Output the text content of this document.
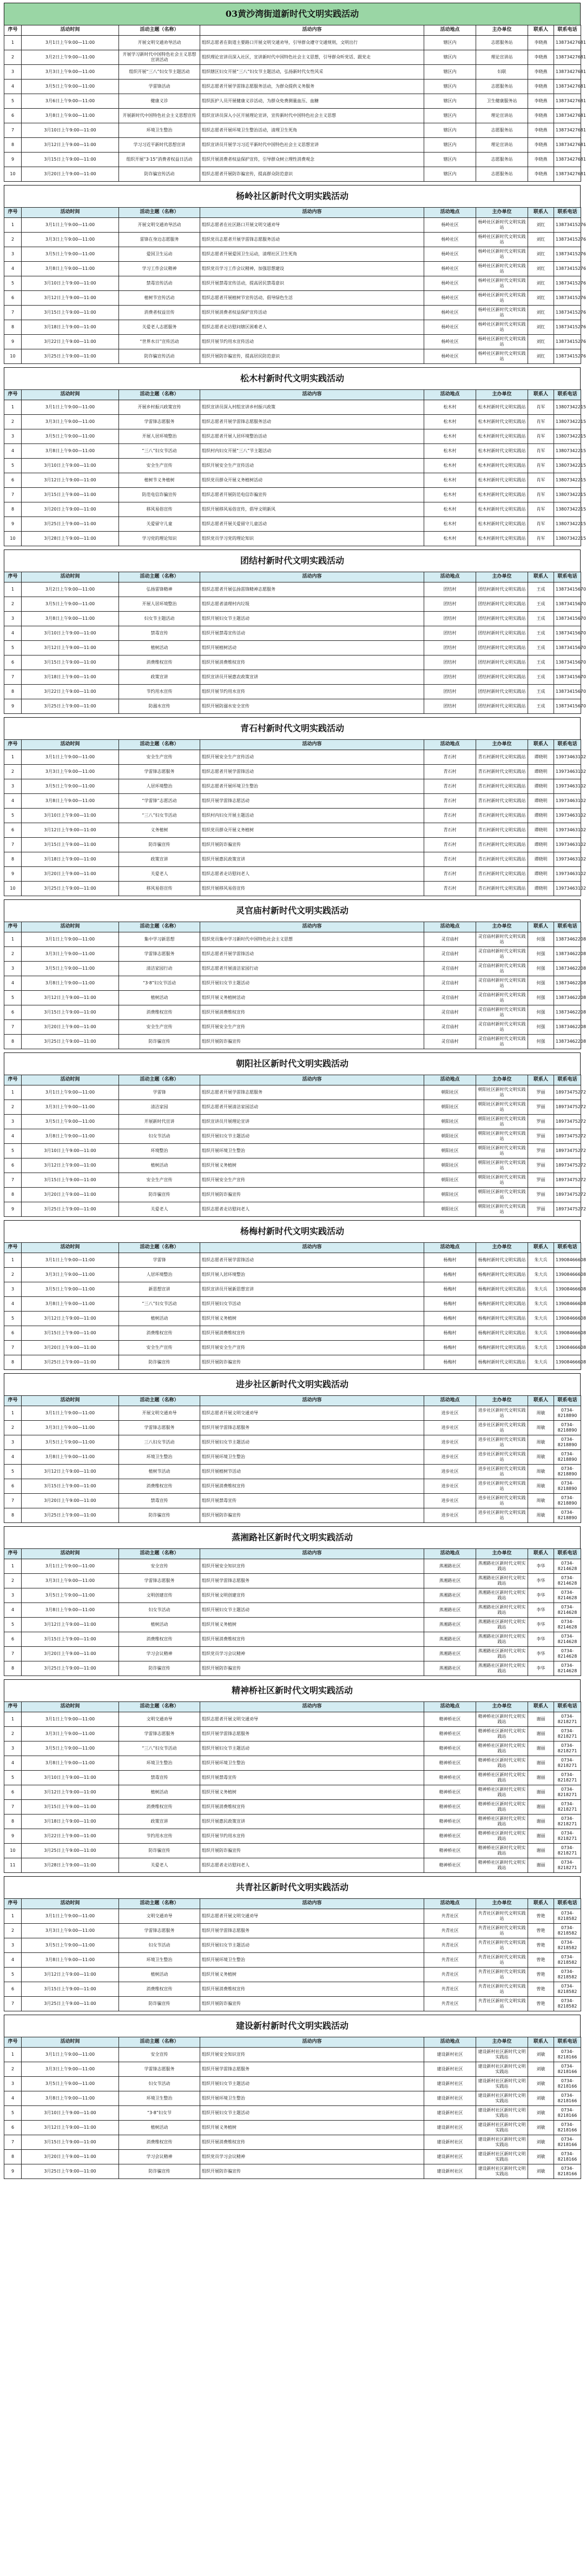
03黄沙湾街道新时代文明实践活动
序号	活动时间	活动主题（名称）	活动内容	活动地点	主办单位	联系人	联系电话
1	3月1日上午9:00—11:00	开展文明交通劝导活动	组织志愿者在街道主要路口开展文明交通劝导，引导群众遵守交通规则，文明出行	辖区内	志愿服务站	李晓燕	13873427681
2	3月2日上午9:00—11:00	开展学习新时代中国特色社会主义思想宣讲活动	组织理论宣讲员深入社区，宣讲新时代中国特色社会主义思想，引导群众听党话、跟党走	辖区内	理论宣讲站	李晓燕	13873427681
3	3月3日上午9:00—11:00	组织开展“三八”妇女节主题活动	组织辖区妇女开展“三八”妇女节主题活动，弘扬新时代女性风采	辖区内	妇联	李晓燕	13873427681
4	3月5日上午9:00—11:00	学雷锋活动	组织志愿者开展学雷锋志愿服务活动，为群众提供义务服务	辖区内	志愿服务站	李晓燕	13873427681
5	3月6日上午9:00—11:00	健康义诊	组织医护人员开展健康义诊活动，为群众免费测量血压、血糖	辖区内	卫生健康服务站	李晓燕	13873427681
6	3月8日上午9:00—11:00	开展新时代中国特色社会主义思想宣传	组织宣讲员深入小区开展理论宣讲，宣传新时代中国特色社会主义思想	辖区内	理论宣讲站	李晓燕	13873427681
7	3月10日上午9:00—11:00	环境卫生整治	组织志愿者开展环境卫生整治活动，清理卫生死角	辖区内	志愿服务站	李晓燕	13873427681
8	3月12日上午9:00—11:00	学习习近平新时代思想宣讲	组织宣讲员开展学习习近平新时代中国特色社会主义思想宣讲	辖区内	理论宣讲站	李晓燕	13873427681
9	3月15日上午9:00—11:00	组织开展“3·15”消费者权益日活动	组织开展消费者权益保护宣传，引导群众树立理性消费观念	辖区内	志愿服务站	李晓燕	13873427681
10	3月20日上午9:00—11:00	防诈骗宣传活动	组织志愿者开展防诈骗宣传，提高群众防范意识	辖区内	志愿服务站	李晓燕	13873427681
杨岭社区新时代文明实践活动
序号	活动时间	活动主题（名称）	活动内容	活动地点	主办单位	联系人	联系电话
1	3月1日上午9:00—11:00	开展文明交通劝导活动	组织志愿者在社区路口开展文明交通劝导	杨岭社区	杨岭社区新时代文明实践站	刘红	13873415276
2	3月3日上午9:00—11:00	雷锋在身边志愿服务	组织党员志愿者开展学雷锋志愿服务活动	杨岭社区	杨岭社区新时代文明实践站	刘红	13873415276
3	3月5日上午9:00—11:00	爱国卫生运动	组织志愿者开展爱国卫生运动，清理社区卫生死角	杨岭社区	杨岭社区新时代文明实践站	刘红	13873415276
4	3月8日上午9:00—11:00	学习工作会议精神	组织党员学习工作会议精神，加强思想建设	杨岭社区	杨岭社区新时代文明实践站	刘红	13873415276
5	3月10日上午9:00—11:00	禁毒宣传活动	组织开展禁毒宣传活动，提高居民禁毒意识	杨岭社区	杨岭社区新时代文明实践站	刘红	13873415276
6	3月12日上午9:00—11:00	植树节宣传活动	组织志愿者开展植树节宣传活动，倡导绿色生活	杨岭社区	杨岭社区新时代文明实践站	刘红	13873415276
7	3月15日上午9:00—11:00	消费者权益宣传	组织开展消费者权益保护宣传活动	杨岭社区	杨岭社区新时代文明实践站	刘红	13873415276
8	3月18日上午9:00—11:00	关爱老人志愿服务	组织志愿者走访慰问辖区困难老人	杨岭社区	杨岭社区新时代文明实践站	刘红	13873415276
9	3月22日上午9:00—11:00	“世界水日”宣传活动	组织开展节约用水宣传活动	杨岭社区	杨岭社区新时代文明实践站	刘红	13873415276
10	3月25日上午9:00—11:00	防诈骗宣传活动	组织开展防诈骗宣传，提高居民防范意识	杨岭社区	杨岭社区新时代文明实践站	刘红	13873415276
松木村新时代文明实践活动
序号	活动时间	活动主题（名称）	活动内容	活动地点	主办单位	联系人	联系电话
1	3月1日上午9:00—11:00	开展乡村振兴政策宣传	组织宣讲员深入村组宣讲乡村振兴政策	松木村	松木村新时代文明实践站	肖军	13807342215
2	3月3日上午9:00—11:00	学雷锋志愿服务	组织志愿者开展学雷锋志愿服务活动	松木村	松木村新时代文明实践站	肖军	13807342215
3	3月5日上午9:00—11:00	开展人居环境整治	组织志愿者开展人居环境整治活动	松木村	松木村新时代文明实践站	肖军	13807342215
4	3月8日上午9:00—11:00	“三八”妇女节活动	组织村内妇女开展“三八”节主题活动	松木村	松木村新时代文明实践站	肖军	13807342215
5	3月10日上午9:00—11:00	安全生产宣传	组织开展安全生产宣传活动	松木村	松木村新时代文明实践站	肖军	13807342215
6	3月12日上午9:00—11:00	植树节义务植树	组织党员群众开展义务植树活动	松木村	松木村新时代文明实践站	肖军	13807342215
7	3月15日上午9:00—11:00	防范电信诈骗宣传	组织志愿者开展防范电信诈骗宣传	松木村	松木村新时代文明实践站	肖军	13807342215
8	3月20日上午9:00—11:00	移风易俗宣传	组织开展移风易俗宣传，倡导文明新风	松木村	松木村新时代文明实践站	肖军	13807342215
9	3月25日上午9:00—11:00	关爱留守儿童	组织志愿者开展关爱留守儿童活动	松木村	松木村新时代文明实践站	肖军	13807342215
10	3月28日上午9:00—11:00	学习党的理论知识	组织党员学习党的理论知识	松木村	松木村新时代文明实践站	肖军	13807342215
团结村新时代文明实践活动
序号	活动时间	活动主题（名称）	活动内容	活动地点	主办单位	联系人	联系电话
1	3月2日上午9:00—11:00	弘扬雷锋精神	组织志愿者开展弘扬雷锋精神志愿服务	团结村	团结村新时代文明实践站	王成	13873415670
2	3月5日上午9:00—11:00	开展人居环境整治	组织志愿者清理村内垃圾	团结村	团结村新时代文明实践站	王成	13873415670
3	3月8日上午9:00—11:00	妇女节主题活动	组织开展妇女节主题活动	团结村	团结村新时代文明实践站	王成	13873415670
4	3月10日上午9:00—11:00	禁毒宣传	组织开展禁毒宣传活动	团结村	团结村新时代文明实践站	王成	13873415670
5	3月12日上午9:00—11:00	植树活动	组织开展植树活动	团结村	团结村新时代文明实践站	王成	13873415670
6	3月15日上午9:00—11:00	消费维权宣传	组织开展消费维权宣传	团结村	团结村新时代文明实践站	王成	13873415670
7	3月18日上午9:00—11:00	政策宣讲	组织宣讲员开展惠农政策宣讲	团结村	团结村新时代文明实践站	王成	13873415670
8	3月22日上午9:00—11:00	节约用水宣传	组织开展节约用水宣传	团结村	团结村新时代文明实践站	王成	13873415670
9	3月25日上午9:00—11:00	防溺水宣传	组织开展防溺水安全宣传	团结村	团结村新时代文明实践站	王成	13873415670
青石村新时代文明实践活动
序号	活动时间	活动主题（名称）	活动内容	活动地点	主办单位	联系人	联系电话
1	3月1日上午9:00—11:00	安全生产宣传	组织开展安全生产宣传活动	青石村	青石村新时代文明实践站	谭晓明	13973463102
2	3月3日上午9:00—11:00	学雷锋志愿服务	组织志愿者开展学雷锋活动	青石村	青石村新时代文明实践站	谭晓明	13973463102
3	3月5日上午9:00—11:00	人居环境整治	组织志愿者开展环境卫生整治	青石村	青石村新时代文明实践站	谭晓明	13973463102
4	3月8日上午9:00—11:00	“学雷锋”志愿活动	组织开展学雷锋志愿活动	青石村	青石村新时代文明实践站	谭晓明	13973463102
5	3月10日上午9:00—11:00	“三八”妇女节活动	组织村内妇女开展主题活动	青石村	青石村新时代文明实践站	谭晓明	13973463102
6	3月12日上午9:00—11:00	义务植树	组织党员群众开展义务植树	青石村	青石村新时代文明实践站	谭晓明	13973463102
7	3月15日上午9:00—11:00	防诈骗宣传	组织开展防诈骗宣传	青石村	青石村新时代文明实践站	谭晓明	13973463102
8	3月18日上午9:00—11:00	政策宣讲	组织开展惠民政策宣讲	青石村	青石村新时代文明实践站	谭晓明	13973463102
9	3月20日上午9:00—11:00	关爱老人	组织志愿者走访慰问老人	青石村	青石村新时代文明实践站	谭晓明	13973463102
10	3月25日上午9:00—11:00	移风易俗宣传	组织开展移风易俗宣传	青石村	青石村新时代文明实践站	谭晓明	13973463102
灵官庙村新时代文明实践活动
序号	活动时间	活动主题（名称）	活动内容	活动地点	主办单位	联系人	联系电话
1	3月1日上午9:00—11:00	集中学习新思想	组织党员集中学习新时代中国特色社会主义思想	灵官庙村	灵官庙村新时代文明实践站	何强	13873462208
2	3月3日上午9:00—11:00	学雷锋志愿服务	组织志愿者开展学雷锋活动	灵官庙村	灵官庙村新时代文明实践站	何强	13873462208
3	3月5日上午9:00—11:00	清洁家园行动	组织志愿者开展清洁家园行动	灵官庙村	灵官庙村新时代文明实践站	何强	13873462208
4	3月8日上午9:00—11:00	“3·8”妇女节活动	组织开展妇女节主题活动	灵官庙村	灵官庙村新时代文明实践站	何强	13873462208
5	3月12日上午9:00—11:00	植树活动	组织开展义务植树活动	灵官庙村	灵官庙村新时代文明实践站	何强	13873462208
6	3月15日上午9:00—11:00	消费维权宣传	组织开展消费维权宣传	灵官庙村	灵官庙村新时代文明实践站	何强	13873462208
7	3月20日上午9:00—11:00	安全生产宣传	组织开展安全生产宣传	灵官庙村	灵官庙村新时代文明实践站	何强	13873462208
8	3月25日上午9:00—11:00	防诈骗宣传	组织开展防诈骗宣传	灵官庙村	灵官庙村新时代文明实践站	何强	13873462208
朝阳社区新时代文明实践活动
序号	活动时间	活动主题（名称）	活动内容	活动地点	主办单位	联系人	联系电话
1	3月1日上午9:00—11:00	学雷锋	组织志愿者开展学雷锋志愿服务	朝阳社区	朝阳社区新时代文明实践站	罗丽	18973475272
2	3月3日上午9:00—11:00	清洁家园	组织志愿者开展清洁家园活动	朝阳社区	朝阳社区新时代文明实践站	罗丽	18973475272
3	3月5日上午9:00—11:00	开展新时代宣讲	组织宣讲员开展理论宣讲	朝阳社区	朝阳社区新时代文明实践站	罗丽	18973475272
4	3月8日上午9:00—11:00	妇女节活动	组织开展妇女节主题活动	朝阳社区	朝阳社区新时代文明实践站	罗丽	18973475272
5	3月10日上午9:00—11:00	环境整治	组织开展环境卫生整治	朝阳社区	朝阳社区新时代文明实践站	罗丽	18973475272
6	3月12日上午9:00—11:00	植树活动	组织开展义务植树	朝阳社区	朝阳社区新时代文明实践站	罗丽	18973475272
7	3月15日上午9:00—11:00	安全生产宣传	组织开展安全生产宣传	朝阳社区	朝阳社区新时代文明实践站	罗丽	18973475272
8	3月20日上午9:00—11:00	防诈骗宣传	组织开展防诈骗宣传	朝阳社区	朝阳社区新时代文明实践站	罗丽	18973475272
9	3月25日上午9:00—11:00	关爱老人	组织志愿者走访慰问老人	朝阳社区	朝阳社区新时代文明实践站	罗丽	18973475272
杨梅村新时代文明实践活动
序号	活动时间	活动主题（名称）	活动内容	活动地点	主办单位	联系人	联系电话
1	3月1日上午9:00—11:00	学雷锋	组织志愿者开展学雷锋活动	杨梅村	杨梅村新时代文明实践站	朱大兵	13908466608
2	3月3日上午9:00—11:00	人居环境整治	组织开展人居环境整治	杨梅村	杨梅村新时代文明实践站	朱大兵	13908466608
3	3月5日上午9:00—11:00	新思想宣讲	组织宣讲员开展新思想宣讲	杨梅村	杨梅村新时代文明实践站	朱大兵	13908466608
4	3月8日上午9:00—11:00	“三八”妇女节活动	组织开展妇女节活动	杨梅村	杨梅村新时代文明实践站	朱大兵	13908466608
5	3月12日上午9:00—11:00	植树活动	组织开展义务植树	杨梅村	杨梅村新时代文明实践站	朱大兵	13908466608
6	3月15日上午9:00—11:00	消费维权宣传	组织开展消费维权宣传	杨梅村	杨梅村新时代文明实践站	朱大兵	13908466608
7	3月20日上午9:00—11:00	安全生产宣传	组织开展安全生产宣传	杨梅村	杨梅村新时代文明实践站	朱大兵	13908466608
8	3月25日上午9:00—11:00	防诈骗宣传	组织开展防诈骗宣传	杨梅村	杨梅村新时代文明实践站	朱大兵	13908466608
进步社区新时代文明实践活动
序号	活动时间	活动主题（名称）	活动内容	活动地点	主办单位	联系人	联系电话
1	3月1日上午9:00—11:00	开展文明交通劝导	组织志愿者开展文明交通劝导	进步社区	进步社区新时代文明实践站	周敏	0734-8218890
2	3月3日上午9:00—11:00	学雷锋志愿服务	组织开展学雷锋志愿服务	进步社区	进步社区新时代文明实践站	周敏	0734-8218890
3	3月5日上午9:00—11:00	三八妇女节活动	组织开展妇女节主题活动	进步社区	进步社区新时代文明实践站	周敏	0734-8218890
4	3月8日上午9:00—11:00	环境卫生整治	组织开展环境卫生整治	进步社区	进步社区新时代文明实践站	周敏	0734-8218890
5	3月12日上午9:00—11:00	植树节活动	组织开展植树节活动	进步社区	进步社区新时代文明实践站	周敏	0734-8218890
6	3月15日上午9:00—11:00	消费维权宣传	组织开展消费维权宣传	进步社区	进步社区新时代文明实践站	周敏	0734-8218890
7	3月20日上午9:00—11:00	禁毒宣传	组织开展禁毒宣传	进步社区	进步社区新时代文明实践站	周敏	0734-8218890
8	3月25日上午9:00—11:00	防诈骗宣传	组织开展防诈骗宣传	进步社区	进步社区新时代文明实践站	周敏	0734-8218890
蒸湘路社区新时代文明实践活动
序号	活动时间	活动主题（名称）	活动内容	活动地点	主办单位	联系人	联系电话
1	3月1日上午9:00—11:00	安全宣传	组织开展安全知识宣传	蒸湘路社区	蒸湘路社区新时代文明实践站	李华	0734-8214628
2	3月3日上午9:00—11:00	学雷锋志愿服务	组织开展学雷锋志愿服务	蒸湘路社区	蒸湘路社区新时代文明实践站	李华	0734-8214628
3	3月5日上午9:00—11:00	文明创建宣传	组织开展文明创建宣传	蒸湘路社区	蒸湘路社区新时代文明实践站	李华	0734-8214628
4	3月8日上午9:00—11:00	妇女节活动	组织开展妇女节主题活动	蒸湘路社区	蒸湘路社区新时代文明实践站	李华	0734-8214628
5	3月12日上午9:00—11:00	植树活动	组织开展义务植树	蒸湘路社区	蒸湘路社区新时代文明实践站	李华	0734-8214628
6	3月15日上午9:00—11:00	消费维权宣传	组织开展消费维权宣传	蒸湘路社区	蒸湘路社区新时代文明实践站	李华	0734-8214628
7	3月20日上午9:00—11:00	学习会议精神	组织党员学习会议精神	蒸湘路社区	蒸湘路社区新时代文明实践站	李华	0734-8214628
8	3月25日上午9:00—11:00	防诈骗宣传	组织开展防诈骗宣传	蒸湘路社区	蒸湘路社区新时代文明实践站	李华	0734-8214628
精神桥社区新时代文明实践活动
序号	活动时间	活动主题（名称）	活动内容	活动地点	主办单位	联系人	联系电话
1	3月1日上午9:00—11:00	文明交通劝导	组织志愿者开展文明交通劝导	精神桥社区	精神桥社区新时代文明实践站	谢丽	0734-8218271
2	3月3日上午9:00—11:00	学雷锋志愿服务	组织开展学雷锋志愿服务	精神桥社区	精神桥社区新时代文明实践站	谢丽	0734-8218271
3	3月5日上午9:00—11:00	“三八”妇女节活动	组织开展妇女节主题活动	精神桥社区	精神桥社区新时代文明实践站	谢丽	0734-8218271
4	3月8日上午9:00—11:00	环境卫生整治	组织开展环境卫生整治	精神桥社区	精神桥社区新时代文明实践站	谢丽	0734-8218271
5	3月10日上午9:00—11:00	禁毒宣传	组织开展禁毒宣传	精神桥社区	精神桥社区新时代文明实践站	谢丽	0734-8218271
6	3月12日上午9:00—11:00	植树活动	组织开展义务植树	精神桥社区	精神桥社区新时代文明实践站	谢丽	0734-8218271
7	3月15日上午9:00—11:00	消费维权宣传	组织开展消费维权宣传	精神桥社区	精神桥社区新时代文明实践站	谢丽	0734-8218271
8	3月18日上午9:00—11:00	政策宣讲	组织开展惠民政策宣讲	精神桥社区	精神桥社区新时代文明实践站	谢丽	0734-8218271
9	3月22日上午9:00—11:00	节约用水宣传	组织开展节约用水宣传	精神桥社区	精神桥社区新时代文明实践站	谢丽	0734-8218271
10	3月25日上午9:00—11:00	防诈骗宣传	组织开展防诈骗宣传	精神桥社区	精神桥社区新时代文明实践站	谢丽	0734-8218271
11	3月28日上午9:00—11:00	关爱老人	组织志愿者走访慰问老人	精神桥社区	精神桥社区新时代文明实践站	谢丽	0734-8218271
共青社区新时代文明实践活动
序号	活动时间	活动主题（名称）	活动内容	活动地点	主办单位	联系人	联系电话
1	3月1日上午9:00—11:00	文明交通劝导	组织志愿者开展文明交通劝导	共青社区	共青社区新时代文明实践站	曾艳	0734-8218582
2	3月3日上午9:00—11:00	学雷锋志愿服务	组织开展学雷锋志愿服务	共青社区	共青社区新时代文明实践站	曾艳	0734-8218582
3	3月5日上午9:00—11:00	妇女节活动	组织开展妇女节主题活动	共青社区	共青社区新时代文明实践站	曾艳	0734-8218582
4	3月8日上午9:00—11:00	环境卫生整治	组织开展环境卫生整治	共青社区	共青社区新时代文明实践站	曾艳	0734-8218582
5	3月12日上午9:00—11:00	植树活动	组织开展义务植树	共青社区	共青社区新时代文明实践站	曾艳	0734-8218582
6	3月15日上午9:00—11:00	消费维权宣传	组织开展消费维权宣传	共青社区	共青社区新时代文明实践站	曾艳	0734-8218582
7	3月25日上午9:00—11:00	防诈骗宣传	组织开展防诈骗宣传	共青社区	共青社区新时代文明实践站	曾艳	0734-8218582
建设新村新时代文明实践活动
序号	活动时间	活动主题（名称）	活动内容	活动地点	主办单位	联系人	联系电话
1	3月1日上午9:00—11:00	安全宣传	组织开展安全知识宣传	建设新村社区	建设新村社区新时代文明实践站	刘敏	0734-8218166
2	3月3日上午9:00—11:00	学雷锋志愿服务	组织开展学雷锋志愿服务	建设新村社区	建设新村社区新时代文明实践站	刘敏	0734-8218166
3	3月5日上午9:00—11:00	妇女节活动	组织开展妇女节主题活动	建设新村社区	建设新村社区新时代文明实践站	刘敏	0734-8218166
4	3月8日上午9:00—11:00	环境卫生整治	组织开展环境卫生整治	建设新村社区	建设新村社区新时代文明实践站	刘敏	0734-8218166
5	3月10日上午9:00—11:00	“3·8”妇女节	组织开展妇女节主题活动	建设新村社区	建设新村社区新时代文明实践站	刘敏	0734-8218166
6	3月12日上午9:00—11:00	植树活动	组织开展义务植树	建设新村社区	建设新村社区新时代文明实践站	刘敏	0734-8218166
7	3月15日上午9:00—11:00	消费维权宣传	组织开展消费维权宣传	建设新村社区	建设新村社区新时代文明实践站	刘敏	0734-8218166
8	3月20日上午9:00—11:00	学习会议精神	组织党员学习会议精神	建设新村社区	建设新村社区新时代文明实践站	刘敏	0734-8218166
9	3月25日上午9:00—11:00	防诈骗宣传	组织开展防诈骗宣传	建设新村社区	建设新村社区新时代文明实践站	刘敏	0734-8218166
